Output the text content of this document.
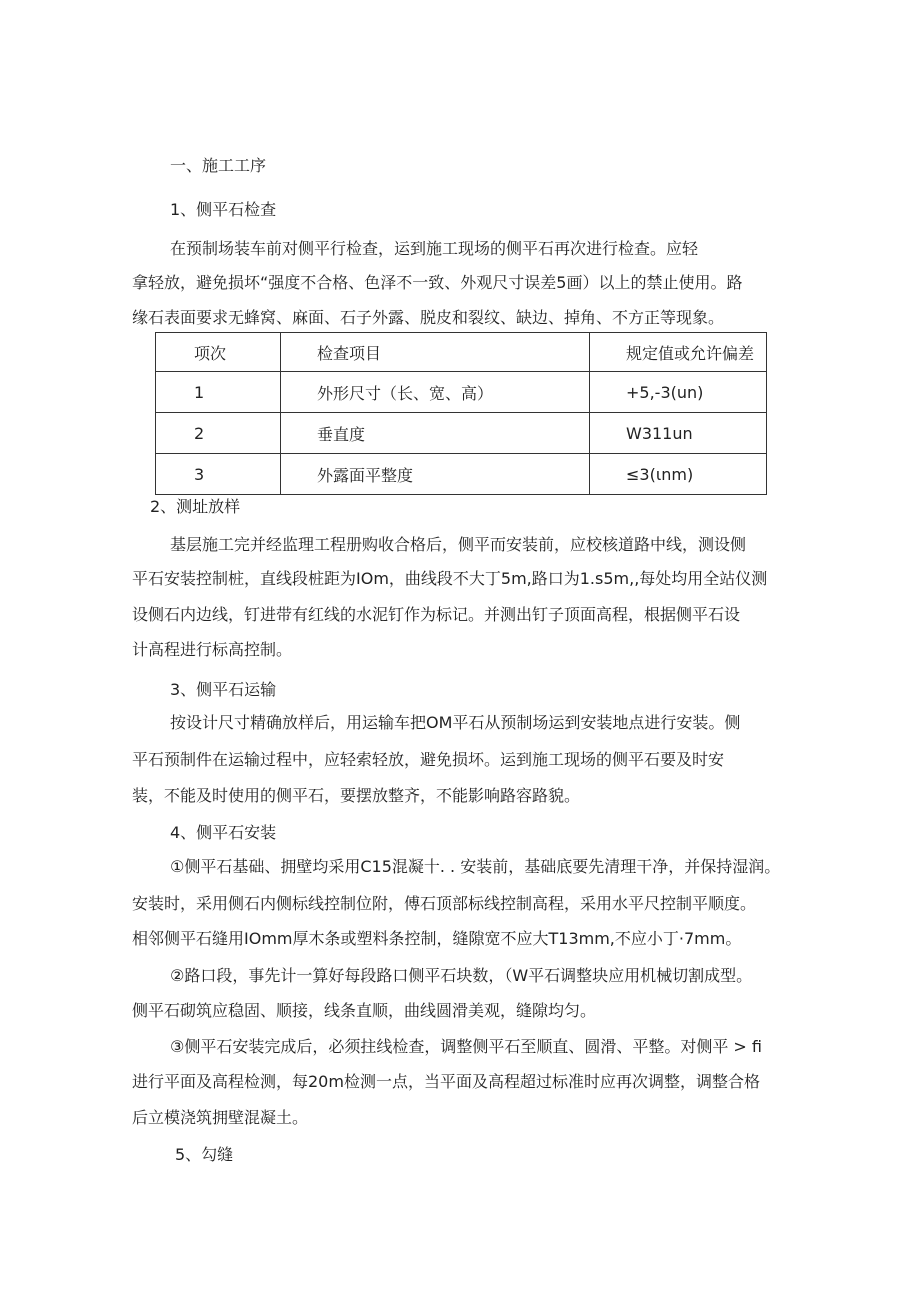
一、施工工序
1、侧平石检查
在预制场装车前对侧平行检查，运到施工现场的侧平石再次进行检查。应轻
拿轻放，避免损坏“强度不合格、色泽不一致、外观尺寸误差5画）以上的禁止使用。路
缘石表面要求无蜂窝、麻面、石子外露、脱皮和裂纹、缺边、掉角、不方正等现象。
项次	检查项目	规定值或允许偏差
1	外形尺寸（长、宽、高）	+5,-3(un)
2	垂直度	W311un
3	外露面平整度	≤3(ιnm)
2、测址放样
基层施工完并经监理工程册购收合格后，侧平而安装前，应校核道路中线，测设侧
平石安装控制桩，直线段桩距为IOm，曲线段不大丁5m,路口为1.s5m,,每处均用全站仪测
设侧石内边线，钉进带有红线的水泥钉作为标记。并测出钉子顶面高程，根据侧平石设
计高程进行标高控制。
3、侧平石运输
按设计尺寸精确放样后，用运输车把OM平石从预制场运到安装地点进行安装。侧
平石预制件在运输过程中，应轻索轻放，避免损坏。运到施工现场的侧平石要及时安
装，不能及时使用的侧平石，要摆放整齐，不能影响路容路貌。
4、侧平石安装
①侧平石基础、拥壁均采用C15混凝十. . 安装前，基础底要先清理干净，并保持湿润。
安装时，采用侧石内侧标线控制位附，傅石顶部标线控制高程，采用水平尺控制平顺度。
相邻侧平石缝用IOmm厚木条或塑料条控制，缝隙宽不应大T13mm,不应小丁·7mm。
②路口段，事先计一算好每段路口侧平石块数，（W平石调整块应用机械切割成型。
侧平石砌筑应稳固、顺接，线条直顺，曲线圆滑美观，缝隙均匀。
③侧平石安装完成后，必须拄线检查，调整侧平石至顺直、圆滑、平整。对侧平 > fi
进行平面及高程检测，每20m检测一点，当平面及高程超过标准时应再次调整，调整合格
后立模浇筑拥壁混凝土。
5、勾缝
